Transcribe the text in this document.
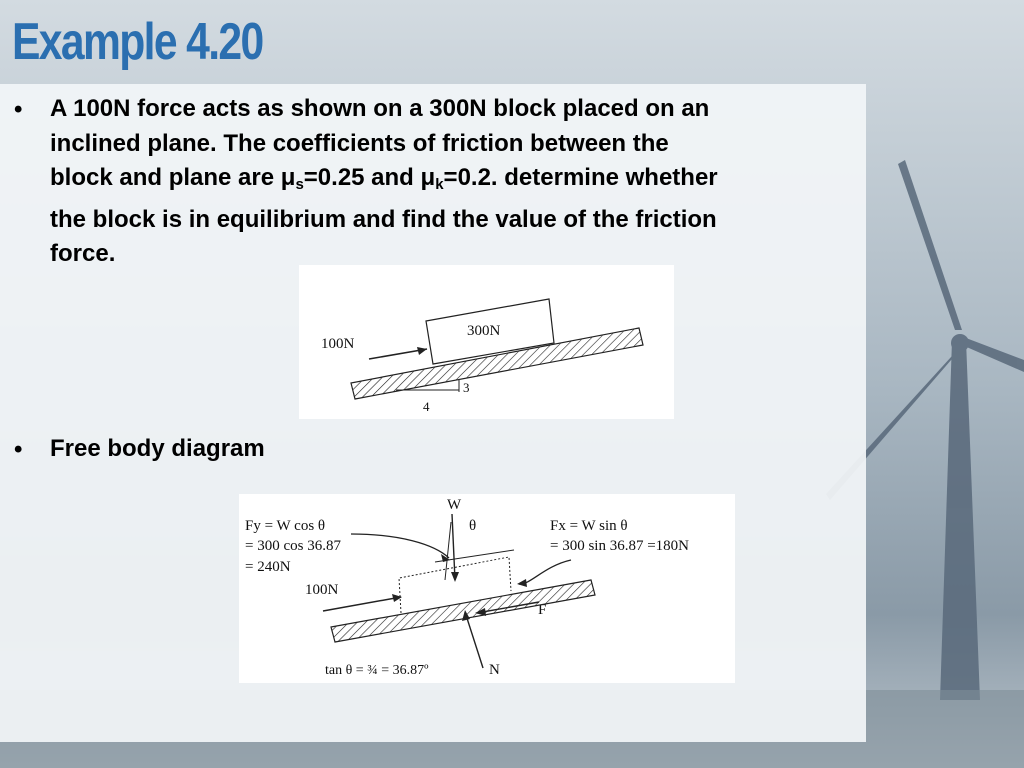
Example 4.20
• A 100N force acts as shown on a 300N block placed on an
inclined plane. The coefficients of friction between the
block and plane are $\mu_s=0.25$ and $\mu_k=0.2$. determine whether
the block is in equilibrium and find the value of the friction
force.
300N
100N
3
4
• Free body diagram
Fy = W cos θ
= 300 cos 36.87
= 240N
Fx = W sin θ
= 300 sin 36.87 =180N
W
θ
100N
F
N
tan θ = ¾ = 36.87º
